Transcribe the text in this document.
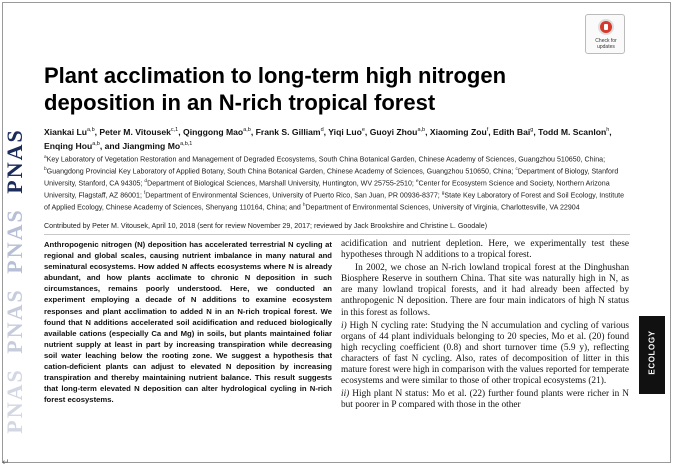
PNAS
PNAS
PNAS
PNAS
Check for updates
Plant acclimation to long-term high nitrogen deposition in an N-rich tropical forest
Xiankai Lu$^{a,b}$, Peter M. Vitousek$^{c,1}$, Qinggong Mao$^{a,b}$, Frank S. Gilliam$^d$, Yiqi Luo$^e$, Guoyi Zhou$^{a,b}$, Xiaoming Zou$^f$, Edith Bai$^g$, Todd M. Scanlon$^h$, Enqing Hou$^{a,b}$, and Jiangming Mo$^{a,b,1}$
$^a$Key Laboratory of Vegetation Restoration and Management of Degraded Ecosystems, South China Botanical Garden, Chinese Academy of Sciences, Guangzhou 510650, China; $^b$Guangdong Provincial Key Laboratory of Applied Botany, South China Botanical Garden, Chinese Academy of Sciences, Guangzhou 510650, China; $^c$Department of Biology, Stanford University, Stanford, CA 94305; $^d$Department of Biological Sciences, Marshall University, Huntington, WV 25755-2510; $^e$Center for Ecosystem Science and Society, Northern Arizona University, Flagstaff, AZ 86001; $^f$Department of Environmental Sciences, University of Puerto Rico, San Juan, PR 00936-8377; $^g$State Key Laboratory of Forest and Soil Ecology, Institute of Applied Ecology, Chinese Academy of Sciences, Shenyang 110164, China; and $^h$Department of Environmental Sciences, University of Virginia, Charlottesville, VA 22904
Contributed by Peter M. Vitousek, April 10, 2018 (sent for review November 29, 2017; reviewed by Jack Brookshire and Christine L. Goodale)
Anthropogenic nitrogen (N) deposition has accelerated terrestrial N cycling at regional and global scales, causing nutrient imbalance in many natural and seminatural ecosystems. How added N affects ecosystems where N is already abundant, and how plants acclimate to chronic N deposition in such circumstances, remains poorly understood. Here, we conducted an experiment employing a decade of N additions to examine ecosystem responses and plant acclimation to added N in an N-rich tropical forest. We found that N additions accelerated soil acidification and reduced biologically available cations (especially Ca and Mg) in soils, but plants maintained foliar nutrient supply at least in part by increasing transpiration while decreasing soil water leaching below the rooting zone. We suggest a hypothesis that cation-deficient plants can adjust to elevated N deposition by increasing transpiration and thereby maintaining nutrient balance. This result suggests that long-term elevated N deposition can alter hydrological cycling in N-rich forest ecosystems.

acidification and nutrient depletion. Here, we experimentally test these hypotheses through N additions to a tropical forest.

In 2002, we chose an N-rich lowland tropical forest at the Dinghushan Biosphere Reserve in southern China. That site was naturally high in N, as are many lowland tropical forests, and it had already been affected by anthropogenic N deposition. There are four main indicators of high N status in this forest as follows.

i) High N cycling rate: Studying the N accumulation and cycling of various organs of 44 plant individuals belonging to 20 species, Mo et al. (20) found high recycling coefficient (0.8) and short turnover time (5.9 y), reflecting characters of fast N cycling. Also, rates of decomposition of litter in this mature forest were high in comparison with the values reported for temperate ecosystems and were similar to those of other tropical ecosystems (21).

ii) High plant N status: Mo et al. (22) further found plants were richer in N but poorer in P compared with those in the other

ECOLOGY
↵
